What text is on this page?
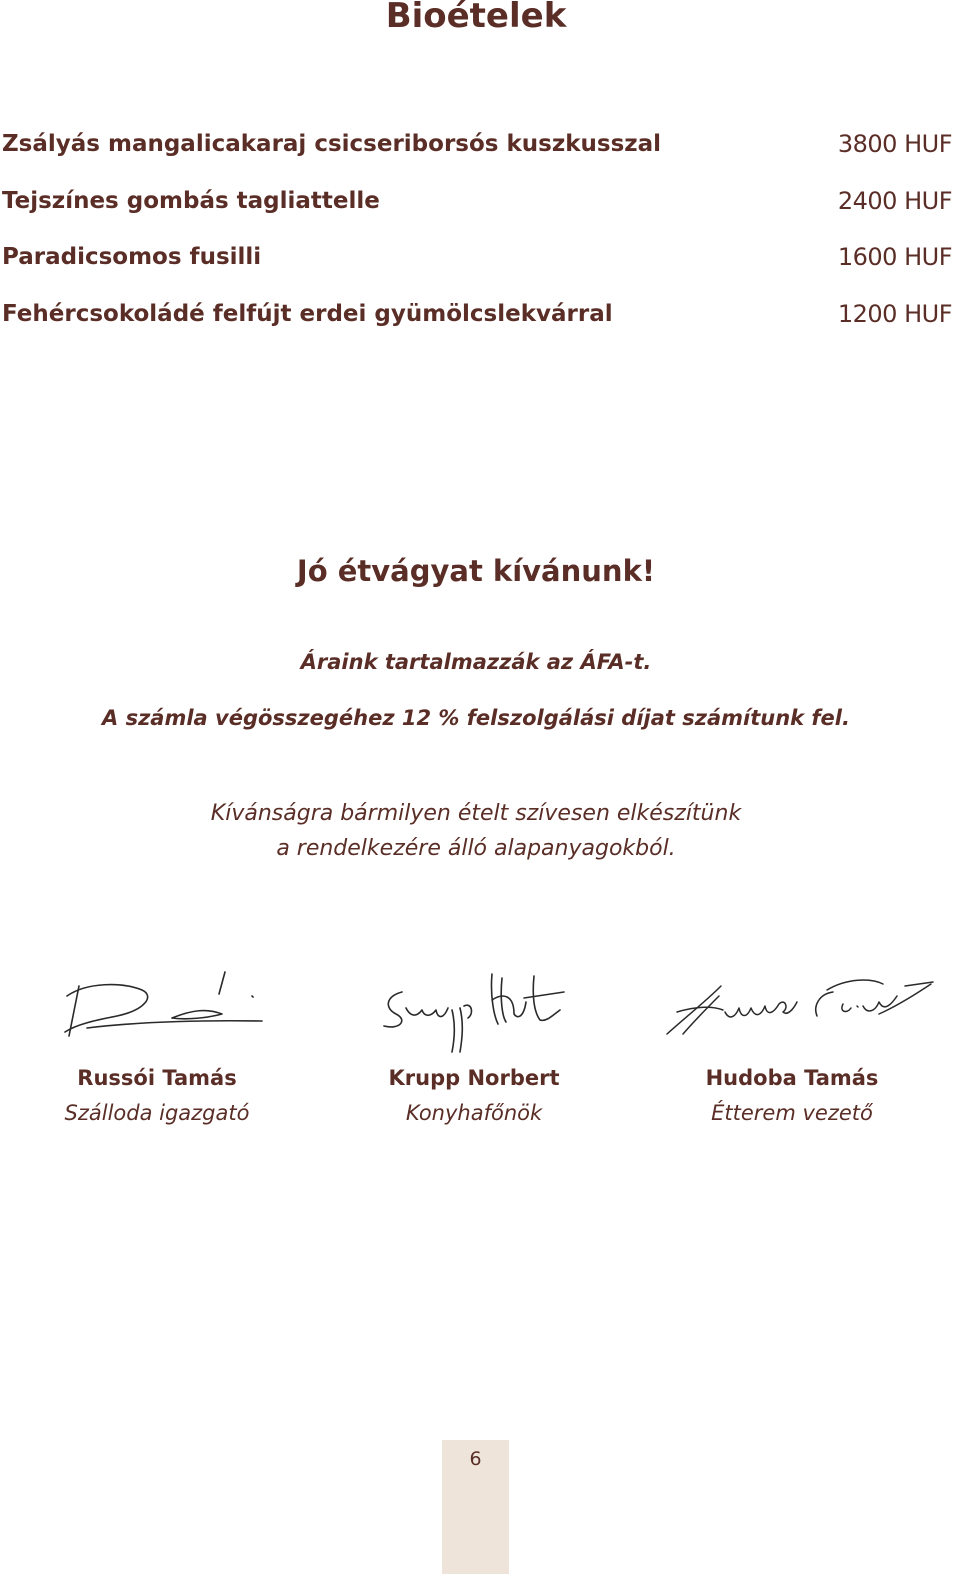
Bioételek
Zsályás mangalicakaraj csicseriborsós kuszkusszal	3800 HUF
Tejszínes gombás tagliattelle	2400 HUF
Paradicsomos fusilli	1600 HUF
Fehércsokoládé felfújt erdei gyümölcslekvárral	1200 HUF
Jó étvágyat kívánunk!
Áraink tartalmazzák az ÁFA-t.
A számla végösszegéhez 12 % felszolgálási díjat számítunk fel.
Kívánságra bármilyen ételt szívesen elkészítünk
a rendelkezére álló alapanyagokból.
Russói Tamás
Szálloda igazgató
Krupp Norbert
Konyhafőnök
Hudoba Tamás
Étterem vezető
6
